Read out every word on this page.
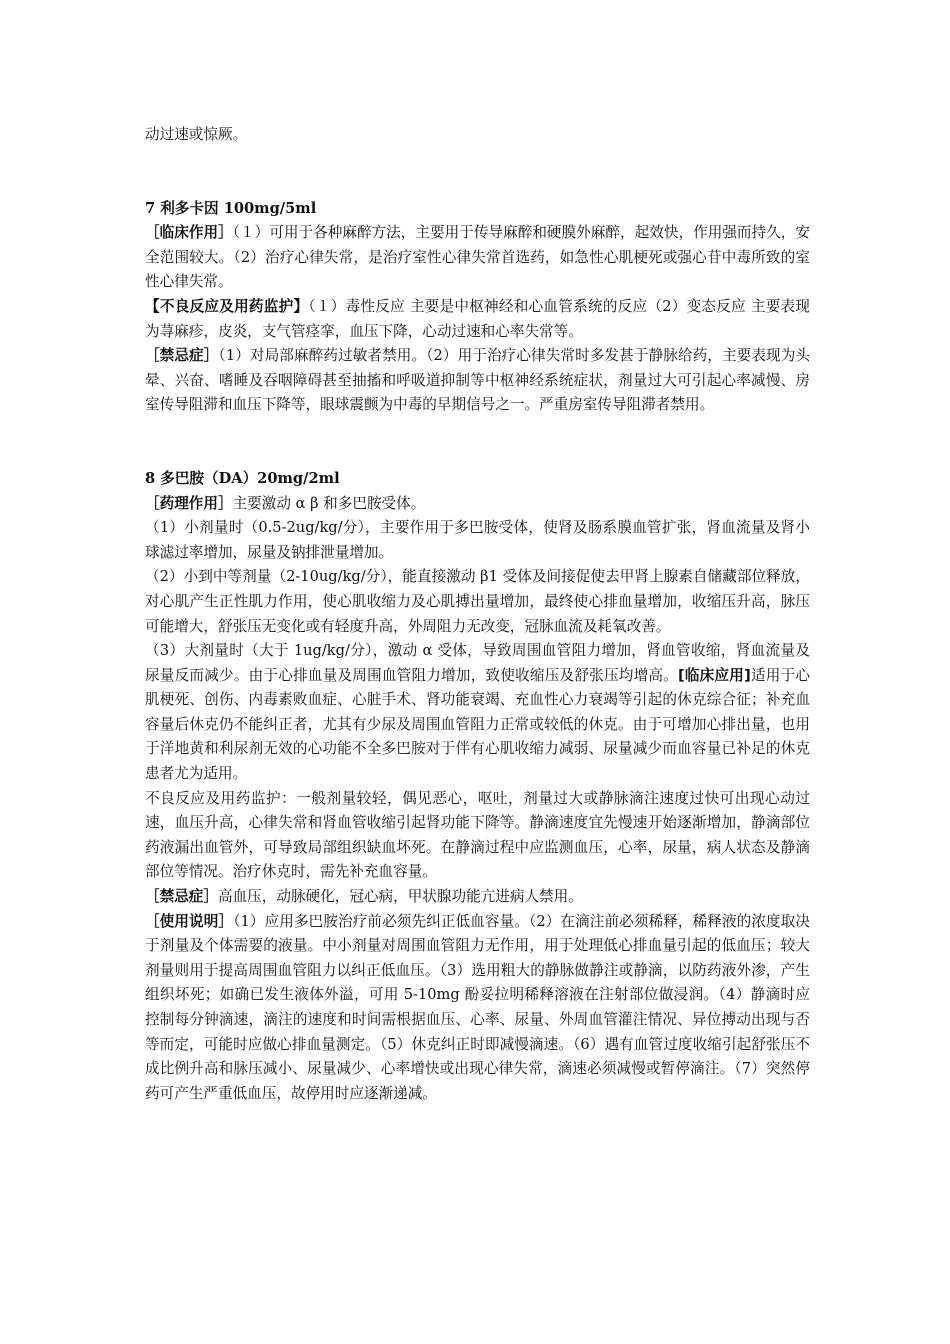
动过速或惊厥。

7 利多卡因 100mg/5ml

［临床作用］（１）可用于各种麻醉方法，主要用于传导麻醉和硬膜外麻醉，起效快，作用强而持久，安全范围较大。（2）治疗心律失常，是治疗室性心律失常首选药，如急性心肌梗死或强心苷中毒所致的室性心律失常。

【不良反应及用药监护】（１）毒性反应 主要是中枢神经和心血管系统的反应（2）变态反应 主要表现为荨麻疹，皮炎，支气管痉挛，血压下降，心动过速和心率失常等。

［禁忌症］（1）对局部麻醉药过敏者禁用。（2）用于治疗心律失常时多发甚于静脉给药，主要表现为头晕、兴奋、嗜睡及吞咽障碍甚至抽搐和呼吸道抑制等中枢神经系统症状，剂量过大可引起心率减慢、房室传导阻滞和血压下降等，眼球震颤为中毒的早期信号之一。严重房室传导阻滞者禁用。

8 多巴胺（DA）20mg/2ml

［药理作用］主要激动 α β 和多巴胺受体。

（1）小剂量时（0.5-2ug/kg/分），主要作用于多巴胺受体，使肾及肠系膜血管扩张，肾血流量及肾小球滤过率增加，尿量及钠排泄量增加。

（2）小到中等剂量（2-10ug/kg/分），能直接激动 β1 受体及间接促使去甲肾上腺素自储藏部位释放，对心肌产生正性肌力作用，使心肌收缩力及心肌搏出量增加，最终使心排血量增加，收缩压升高，脉压可能增大，舒张压无变化或有轻度升高，外周阻力无改变，冠脉血流及耗氧改善。

（3）大剂量时（大于 1ug/kg/分），激动 α 受体，导致周围血管阻力增加，肾血管收缩，肾血流量及尿量反而减少。由于心排血量及周围血管阻力增加，致使收缩压及舒张压均增高。[临床应用]适用于心肌梗死、创伤、内毒素败血症、心脏手术、肾功能衰竭、充血性心力衰竭等引起的休克综合征；补充血容量后休克仍不能纠正者，尤其有少尿及周围血管阻力正常或较低的休克。由于可增加心排出量，也用于洋地黄和利尿剂无效的心功能不全多巴胺对于伴有心肌收缩力减弱、尿量减少而血容量已补足的休克患者尤为适用。

不良反应及用药监护：一般剂量较轻，偶见恶心，呕吐，剂量过大或静脉滴注速度过快可出现心动过速，血压升高，心律失常和肾血管收缩引起肾功能下降等。静滴速度宜先慢速开始逐渐增加，静滴部位药液漏出血管外，可导致局部组织缺血坏死。在静滴过程中应监测血压，心率，尿量，病人状态及静滴部位等情况。治疗休克时，需先补充血容量。

［禁忌症］高血压，动脉硬化，冠心病，甲状腺功能亢进病人禁用。

［使用说明］（1）应用多巴胺治疗前必须先纠正低血容量。（2）在滴注前必须稀释，稀释液的浓度取决于剂量及个体需要的液量。中小剂量对周围血管阻力无作用，用于处理低心排血量引起的低血压；较大剂量则用于提高周围血管阻力以纠正低血压。（3）选用粗大的静脉做静注或静滴，以防药液外渗，产生组织坏死；如确已发生液体外溢，可用 5-10mg 酚妥拉明稀释溶液在注射部位做浸润。（4）静滴时应控制每分钟滴速，滴注的速度和时间需根据血压、心率、尿量、外周血管灌注情况、异位搏动出现与否等而定，可能时应做心排血量测定。（5）休克纠正时即减慢滴速。（6）遇有血管过度收缩引起舒张压不成比例升高和脉压减小、尿量减少、心率增快或出现心律失常，滴速必须减慢或暂停滴注。（7）突然停药可产生严重低血压，故停用时应逐渐递减。
